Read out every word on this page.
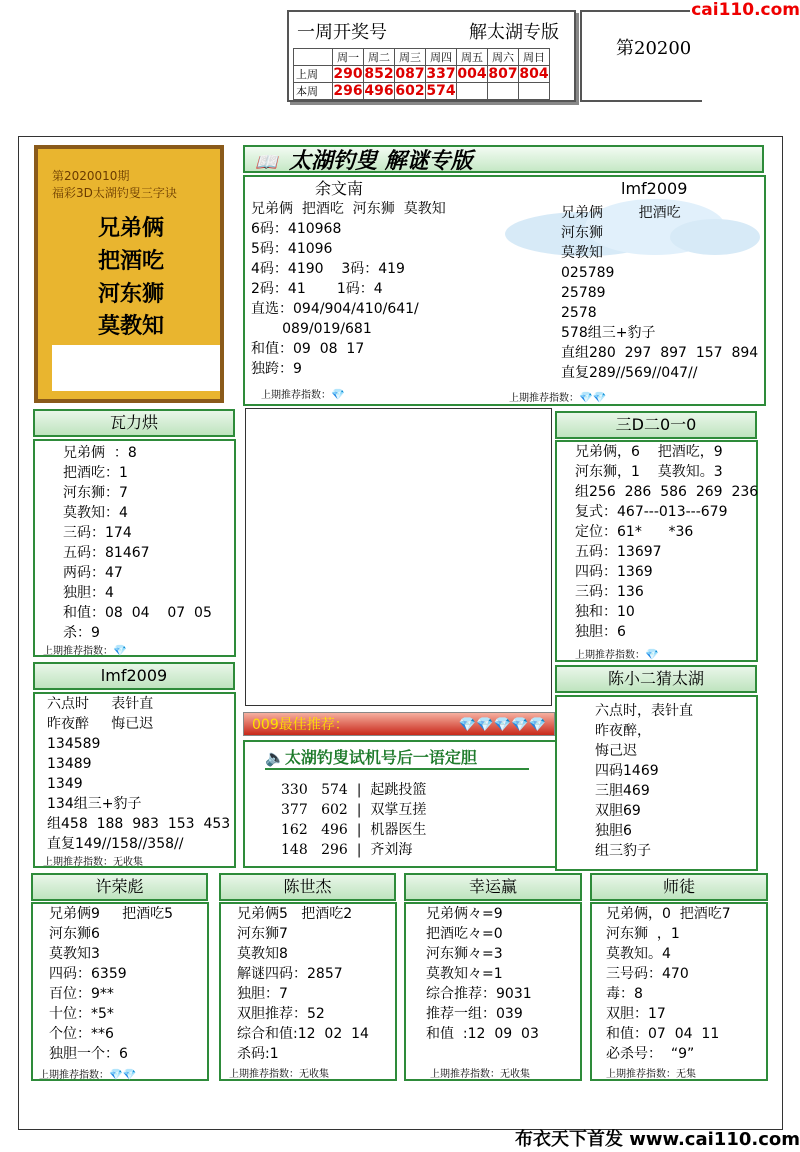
一周开奖号	解太湖专版
	周一	周二	周三	周四	周五	周六	周日
上周	290	852	087	337	004	807	804
本周	296	496	602	574			
第20200
cai110.com
第2020010期
福彩3D太湖钓叟三字诀
兄弟俩
把酒吃
河东狮
莫教知
📖 太湖钓叟 解谜专版
余文南
兄弟俩  把酒吃  河东狮  莫教知
6码：410968
5码：41096
4码：4190    3码：419
2码：41       1码：4
直选：094/904/410/641/
089/019/681
和值：09  08  17
独跨：9
上期推荐指数：💎
lmf2009
兄弟俩        把酒吃
河东狮
莫教知
025789
25789
2578
578组三+豹子
直组280  297  897  157  894
直复289//569//047//
上期推荐指数：💎💎
瓦力烘
兄弟俩  ：8
把酒吃：1
河东狮：7
莫教知：4
三码：174
五码：81467
两码：47
独胆：4
和值：08  04    07  05
杀：9
上期推荐指数：💎
三D二0一0
兄弟俩，6    把酒吃，9
河东狮，1    莫教知。3
组256  286  586  269  236
复式：467---013---679
定位：61*      *36
五码：13697
四码：1369
三码：136
独和：10
独胆：6
上期推荐指数：💎
lmf2009
六点时     表针直
昨夜醉     悔已迟
134589
13489
1349
134组三+豹子
组458  188  983  153  453
直复149//158//358//
上期推荐指数：无收集
陈小二猜太湖
六点时，表针直
昨夜醉，
悔己迟
四码1469
三胆469
双胆69
独胆6
组三豹子
009最佳推荐：	💎💎💎💎💎
🔈太湖钓叟试机号后一语定胆
330 574  |  起跳投篮
377 602  |  双掌互搓
162 496  |  机器医生
148 296  |  齐刘海
许荣彪
兄弟俩9     把酒吃5
河东狮6
莫教知3
四码：6359
百位：9**
十位：*5*
个位：**6
独胆一个：6
上期推荐指数：💎💎
陈世杰
兄弟俩5   把酒吃2
河东狮7
莫教知8
解谜四码：2857
独胆：7
双胆推荐：52
综合和值:12  02  14
杀码:1
上期推荐指数：无收集
幸运赢
兄弟俩々=9
把酒吃々=0
河东狮々=3
莫教知々=1
综合推荐：9031
推荐一组：039
和值  :12  09  03
上期推荐指数：无收集
师徒
兄弟俩，0  把酒吃7
河东狮  ，1
莫教知。4
三号码：470
毒：8
双胆：17
和值：07  04  11
必杀号：  “9”
上期推荐指数：无集
布衣天下首发 www.cai110.com
